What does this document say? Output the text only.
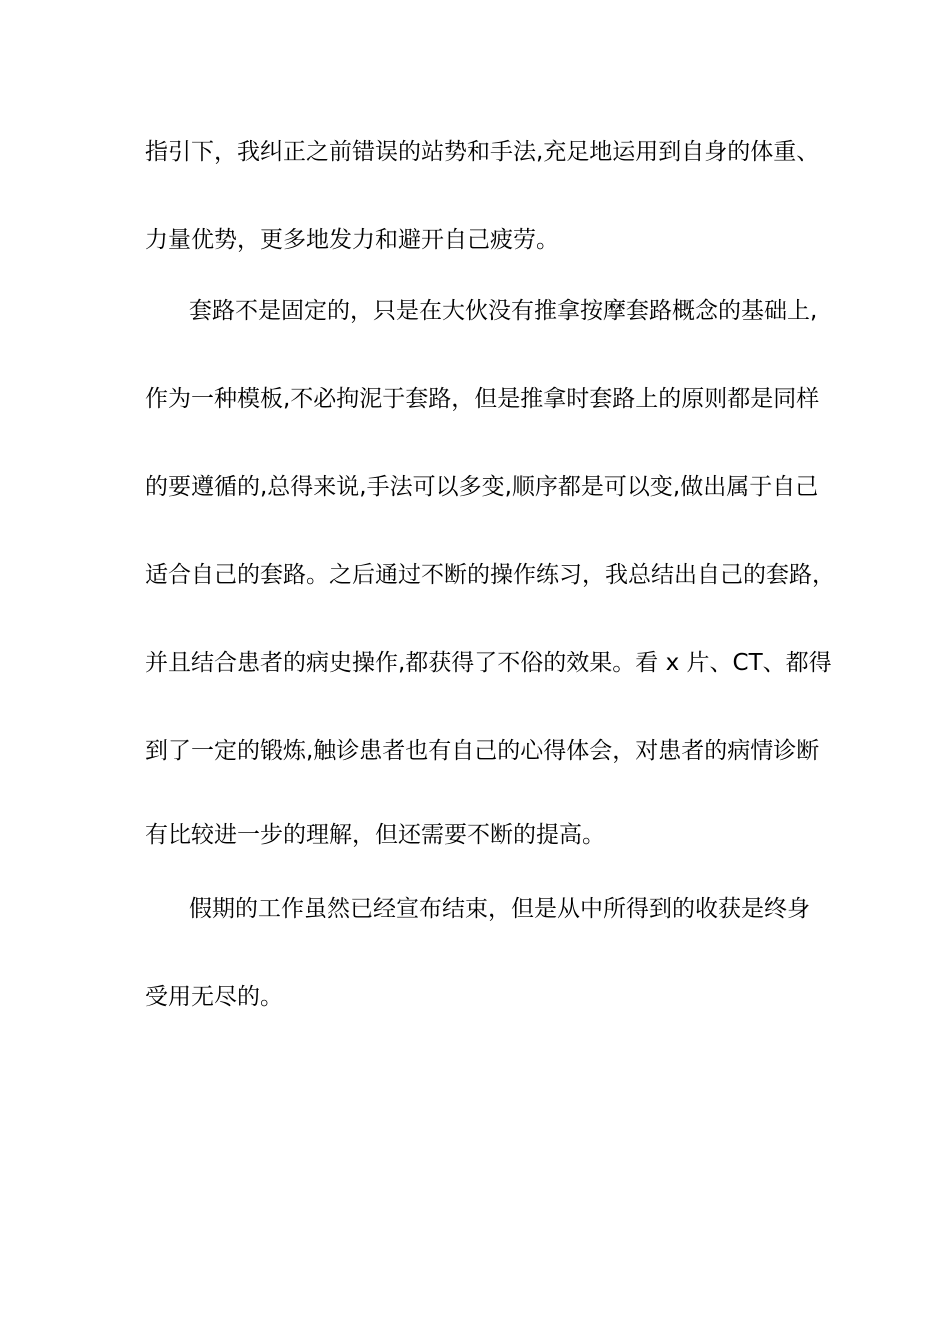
指引下，我纠正之前错误的站势和手法,充足地运用到自身的体重、
力量优势，更多地发力和避开自己疲劳。
套路不是固定的，只是在大伙没有推拿按摩套路概念的基础上,
作为一种模板,不必拘泥于套路，但是推拿时套路上的原则都是同样
的要遵循的,总得来说,手法可以多变,顺序都是可以变,做出属于自己
适合自己的套路。之后通过不断的操作练习，我总结出自己的套路，
并且结合患者的病史操作,都获得了不俗的效果。看 x 片、CT、都得
到了一定的锻炼,触诊患者也有自己的心得体会，对患者的病情诊断
有比较进一步的理解，但还需要不断的提高。
假期的工作虽然已经宣布结束，但是从中所得到的收获是终身
受用无尽的。
